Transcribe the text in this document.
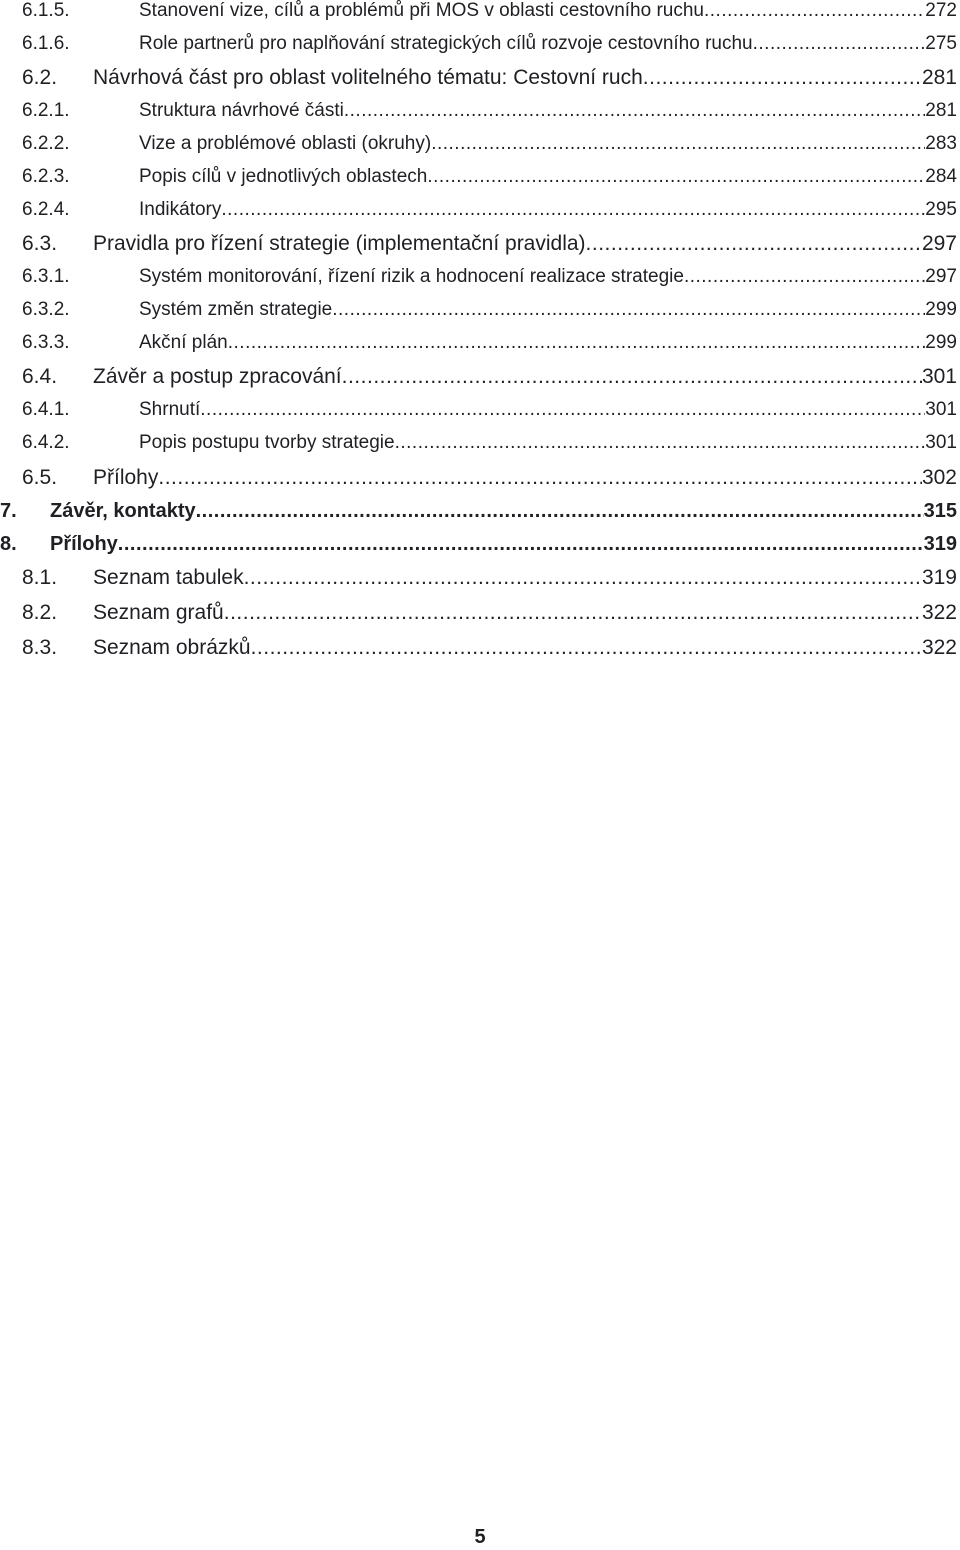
6.1.5.	Stanovení vize, cílů a problémů při MOS v oblasti cestovního ruchu .....	272
6.1.6.	Role partnerů pro naplňování strategických cílů rozvoje cestovního ruchu .....	275
6.2.	Návrhová část pro oblast volitelného tématu: Cestovní ruch .....	281
6.2.1.	Struktura návrhové části .....	281
6.2.2.	Vize a problémové oblasti (okruhy) .....	283
6.2.3.	Popis cílů v jednotlivých oblastech .....	284
6.2.4.	Indikátory .....	295
6.3.	Pravidla pro řízení strategie (implementační pravidla) .....	297
6.3.1.	Systém monitorování, řízení rizik a hodnocení realizace strategie .....	297
6.3.2.	Systém změn strategie .....	299
6.3.3.	Akční plán .....	299
6.4.	Závěr a postup zpracování .....	301
6.4.1.	Shrnutí .....	301
6.4.2.	Popis postupu tvorby strategie .....	301
6.5.	Přílohy .....	302
7.	Závěr, kontakty .....	315
8.	Přílohy .....	319
8.1.	Seznam tabulek .....	319
8.2.	Seznam grafů .....	322
8.3.	Seznam obrázků .....	322
5
